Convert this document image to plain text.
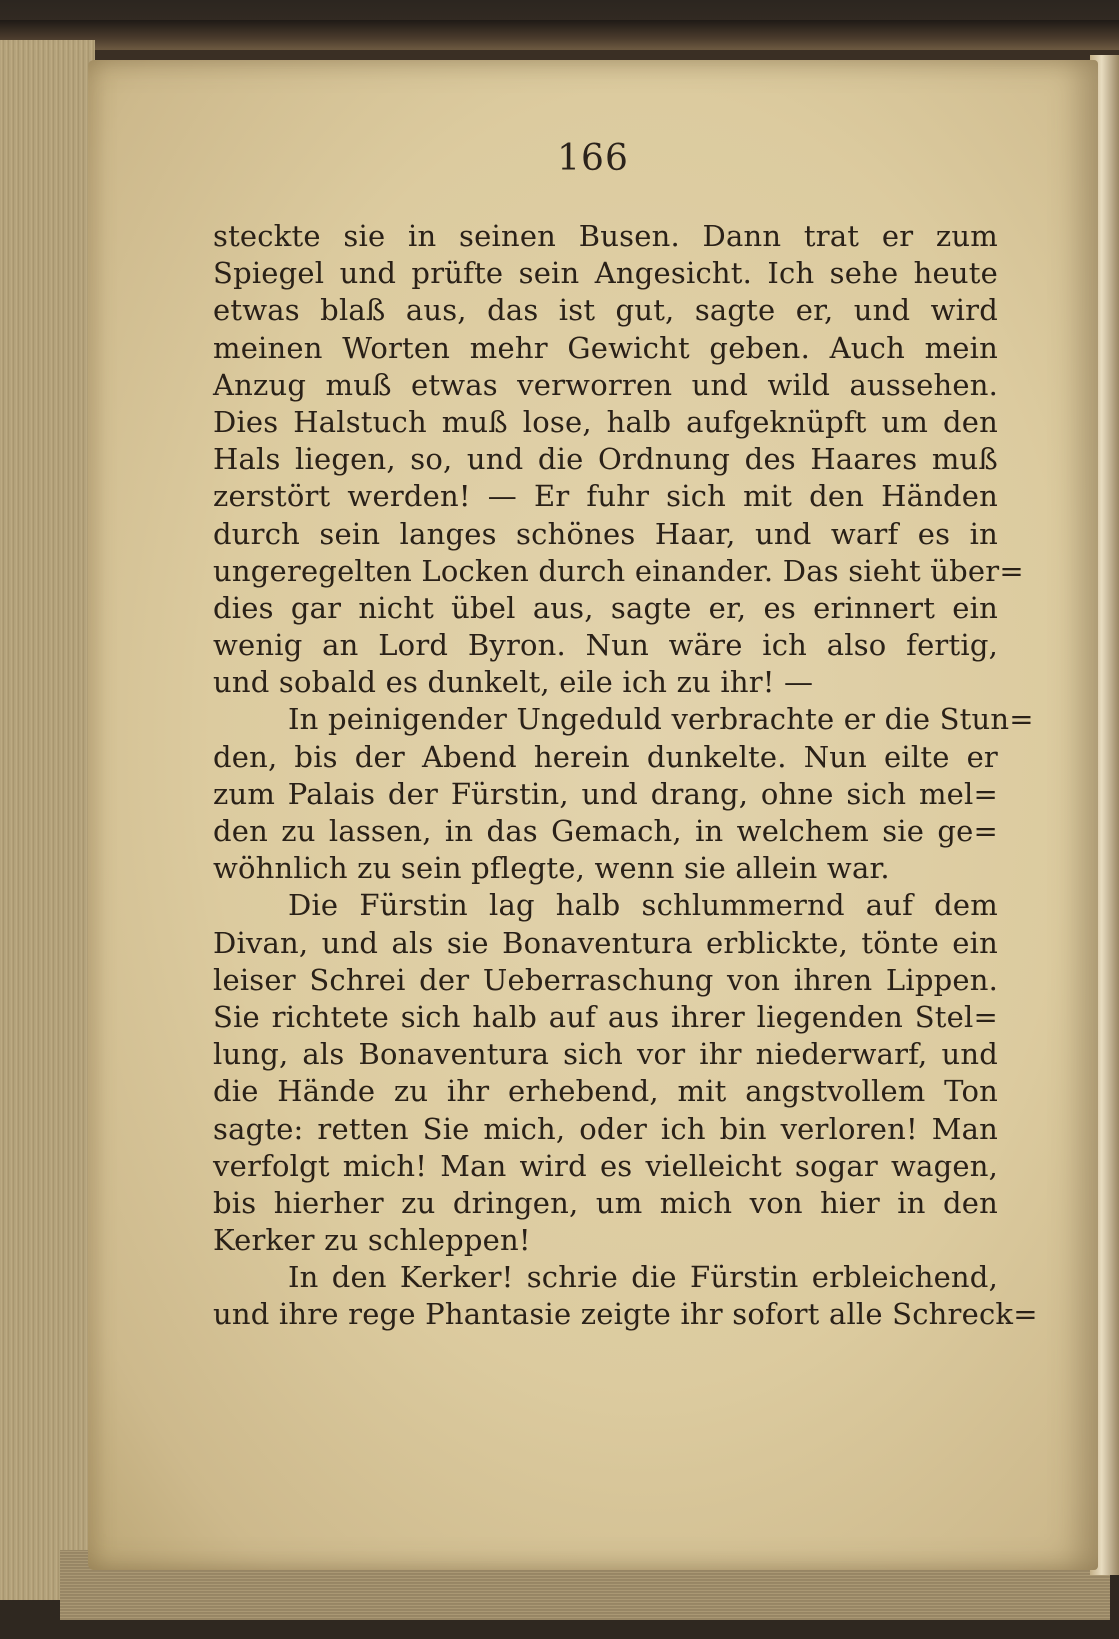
166
steckte sie in seinen Busen. Dann trat er zum
Spiegel und prüfte sein Angesicht. Ich sehe heute
etwas blaß aus, das ist gut, sagte er, und wird
meinen Worten mehr Gewicht geben. Auch mein
Anzug muß etwas verworren und wild aussehen.
Dies Halstuch muß lose, halb aufgeknüpft um den
Hals liegen, so, und die Ordnung des Haares muß
zerstört werden! — Er fuhr sich mit den Händen
durch sein langes schönes Haar, und warf es in
ungeregelten Locken durch einander. Das sieht über=
dies gar nicht übel aus, sagte er, es erinnert ein
wenig an Lord Byron. Nun wäre ich also fertig,
und sobald es dunkelt, eile ich zu ihr! —
In peinigender Ungeduld verbrachte er die Stun=
den, bis der Abend herein dunkelte. Nun eilte er
zum Palais der Fürstin, und drang, ohne sich mel=
den zu lassen, in das Gemach, in welchem sie ge=
wöhnlich zu sein pflegte, wenn sie allein war.
Die Fürstin lag halb schlummernd auf dem
Divan, und als sie Bonaventura erblickte, tönte ein
leiser Schrei der Ueberraschung von ihren Lippen.
Sie richtete sich halb auf aus ihrer liegenden Stel=
lung, als Bonaventura sich vor ihr niederwarf, und
die Hände zu ihr erhebend, mit angstvollem Ton
sagte: retten Sie mich, oder ich bin verloren! Man
verfolgt mich! Man wird es vielleicht sogar wagen,
bis hierher zu dringen, um mich von hier in den
Kerker zu schleppen!
In den Kerker! schrie die Fürstin erbleichend,
und ihre rege Phantasie zeigte ihr sofort alle Schreck=
